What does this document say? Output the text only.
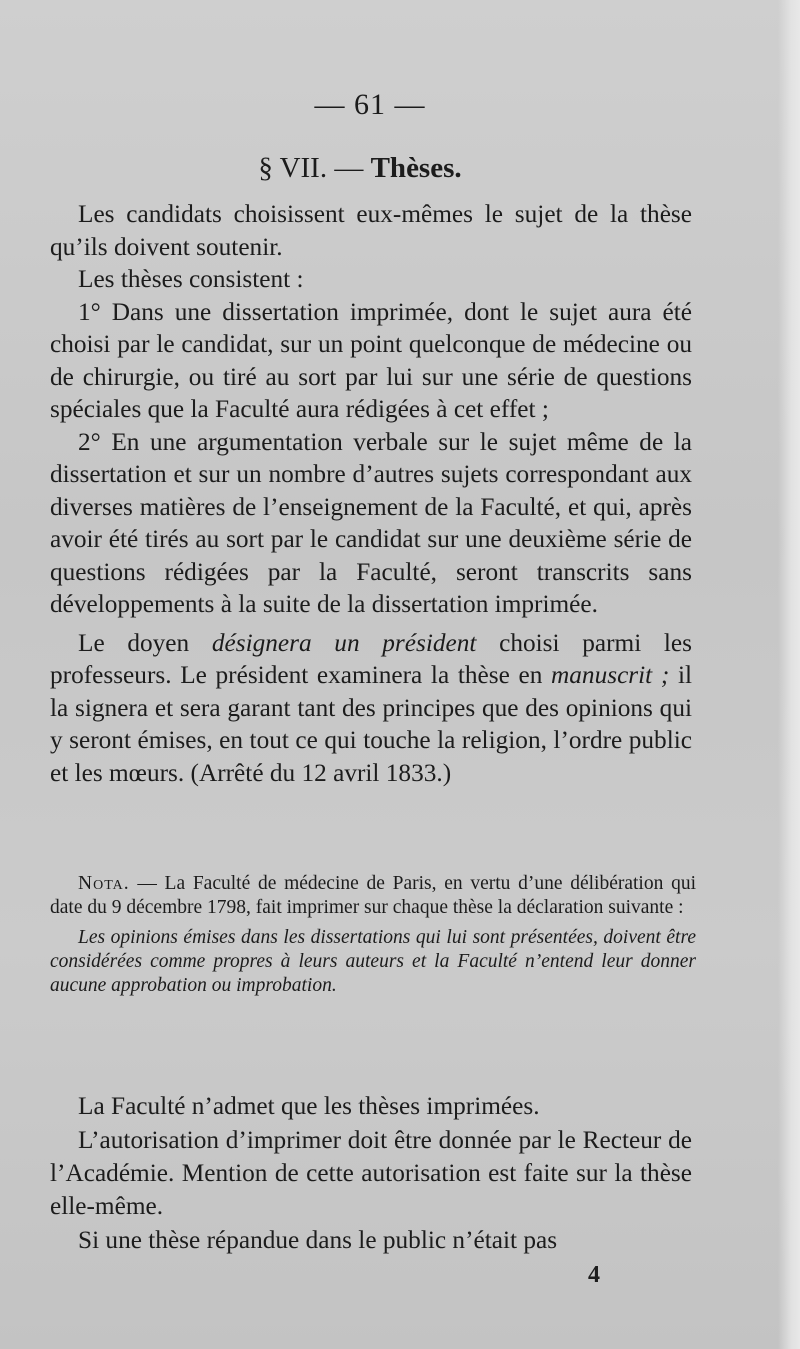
— 61 —
§ VII. — Thèses.

Les candidats choisissent eux-mêmes le sujet de la thèse qu’ils doivent soutenir.

Les thèses consistent :

1° Dans une dissertation imprimée, dont le sujet aura été choisi par le candidat, sur un point quelconque de médecine ou de chirurgie, ou tiré au sort par lui sur une série de questions spéciales que la Faculté aura rédigées à cet effet ;

2° En une argumentation verbale sur le sujet même de la dissertation et sur un nombre d’autres sujets correspondant aux diverses matières de l’enseignement de la Faculté, et qui, après avoir été tirés au sort par le candidat sur une deuxième série de questions rédigées par la Faculté, seront transcrits sans développements à la suite de la dissertation imprimée.

Le doyen désignera un président choisi parmi les professeurs. Le président examinera la thèse en manuscrit ; il la signera et sera garant tant des principes que des opinions qui y seront émises, en tout ce qui touche la religion, l’ordre public et les mœurs. (Arrêté du 12 avril 1833.)

Nota. — La Faculté de médecine de Paris, en vertu d’une délibération qui date du 9 décembre 1798, fait imprimer sur chaque thèse la déclaration suivante :

Les opinions émises dans les dissertations qui lui sont présentées, doivent être considérées comme propres à leurs auteurs et la Faculté n’entend leur donner aucune approbation ou improbation.

La Faculté n’admet que les thèses imprimées.

L’autorisation d’imprimer doit être donnée par le Recteur de l’Académie. Mention de cette autorisation est faite sur la thèse elle-même.

Si une thèse répandue dans le public n’était pas

4
